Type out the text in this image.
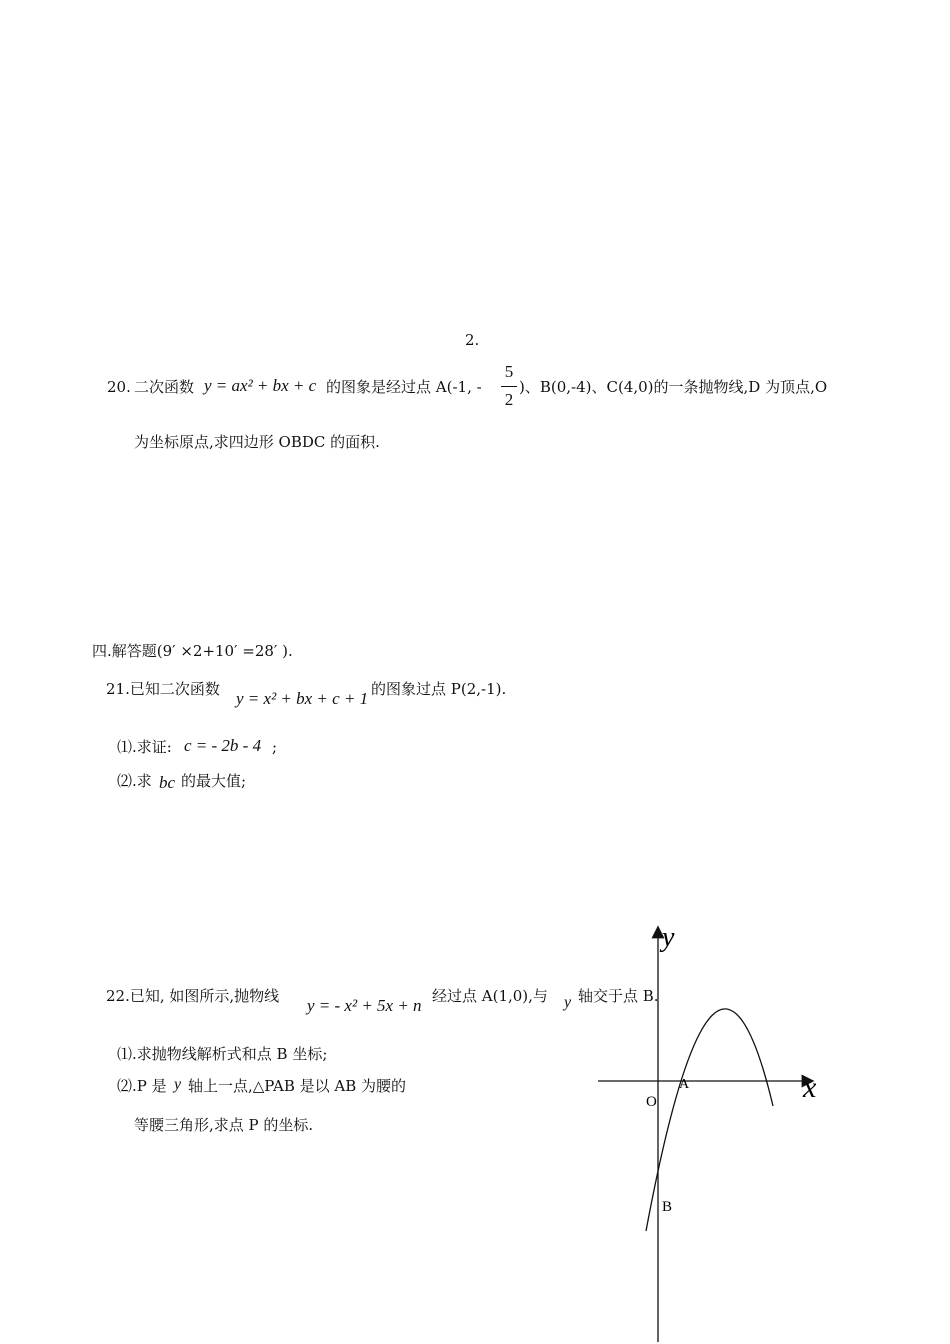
2.
20. 二次函数 y = ax² + bx + c 的图象是经过点 A(-1, -
5
2
)、B(0,-4)、C(4,0)的一条抛物线,D 为顶点,O
为坐标原点,求四边形 OBDC 的面积.
四.解答题(9′ ×2+10′ =28′ ).
21.已知二次函数 y = x² + bx + c + 1 的图象过点 P(2,-1).
⑴.求证: c = - 2b - 4 ;
⑵.求 bc 的最大值;
22.已知, 如图所示,抛物线 y = - x² + 5x + n 经过点 A(1,0),与 y 轴交于点 B.
⑴.求抛物线解析式和点 B 坐标;
⑵.P 是 y 轴上一点,△PAB 是以 AB 为腰的
等腰三角形,求点 P 的坐标.
y
x
O
A
B
